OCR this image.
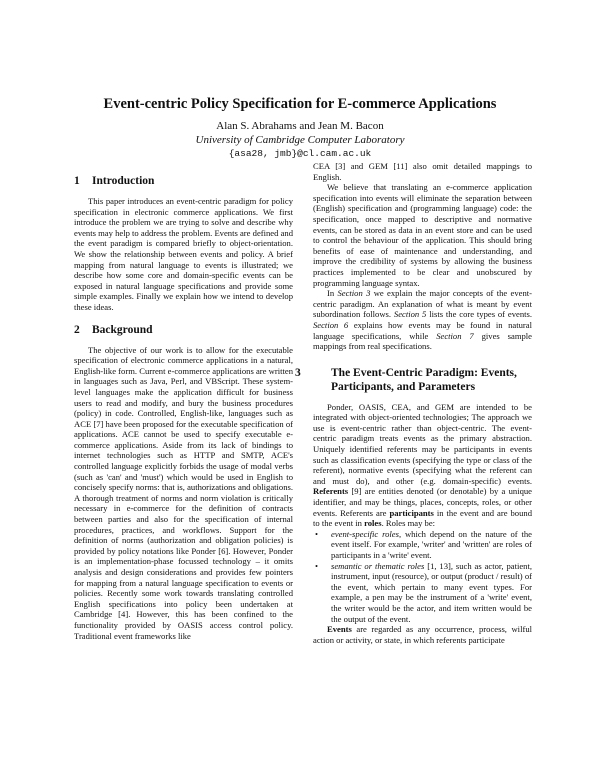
Event-centric Policy Specification for E-commerce Applications
Alan S. Abrahams and Jean M. Bacon
University of Cambridge Computer Laboratory
{asa28, jmb}@cl.cam.ac.uk
1 Introduction

This paper introduces an event-centric paradigm for policy specification in electronic commerce applications. We first introduce the problem we are trying to solve and describe why events may help to address the problem. Events are defined and the event paradigm is compared briefly to object-orientation. We show the relationship between events and policy. A brief mapping from natural language to events is illustrated; we describe how some core and domain-specific events can be exposed in natural language specifications and provide some simple examples. Finally we explain how we intend to develop these ideas.

2 Background

The objective of our work is to allow for the executable specification of electronic commerce applications in a natural, English-like form. Current e-commerce applications are written in languages such as Java, Perl, and VBScript. These system-level languages make the application difficult for business users to read and modify, and bury the business procedures (policy) in code. Controlled, English-like, languages such as ACE [7] have been proposed for the executable specification of applications. ACE cannot be used to specify executable e-commerce applications. Aside from its lack of bindings to internet technologies such as HTTP and SMTP, ACE's controlled language explicitly forbids the usage of modal verbs (such as 'can' and 'must') which would be used in English to concisely specify norms: that is, authorizations and obligations. A thorough treatment of norms and norm violation is critically necessary in e-commerce for the definition of contracts between parties and also for the specification of internal procedures, practices, and workflows. Support for the definition of norms (authorization and obligation policies) is provided by policy notations like Ponder [6]. However, Ponder is an implementation-phase focussed technology – it omits analysis and design considerations and provides few pointers for mapping from a natural language specification to events or policies. Recently some work towards translating controlled English specifications into policy been undertaken at Cambridge [4]. However, this has been confined to the functionality provided by OASIS access control policy. Traditional event frameworks like

CEA [3] and GEM [11] also omit detailed mappings to English.

We believe that translating an e-commerce application specification into events will eliminate the separation between (English) specification and (programming language) code: the specification, once mapped to descriptive and normative events, can be stored as data in an event store and can be used to control the behaviour of the application. This should bring benefits of ease of maintenance and understanding, and improve the credibility of systems by allowing the business practices implemented to be clear and unobscured by programming language syntax.

In Section 3 we explain the major concepts of the event-centric paradigm. An explanation of what is meant by event subordination follows. Section 5 lists the core types of events. Section 6 explains how events may be found in natural language specifications, while Section 7 gives sample mappings from real specifications.

3	The Event-Centric Paradigm: Events, Participants, and Parameters

Ponder, OASIS, CEA, and GEM are intended to be integrated with object-oriented technologies; The approach we use is event-centric rather than object-centric. The event-centric paradigm treats events as the primary abstraction. Uniquely identified referents may be participants in events such as classification events (specifying the type or class of the referent), normative events (specifying what the referent can and must do), and other (e.g. domain-specific) events. Referents [9] are entities denoted (or denotable) by a unique identifier, and may be things, places, concepts, roles, or other events. Referents are participants in the event and are bound to the event in roles. Roles may be:

• event-specific roles, which depend on the nature of the event itself. For example, 'writer' and 'written' are roles of participants in a 'write' event.
• semantic or thematic roles [1, 13], such as actor, patient, instrument, input (resource), or output (product / result) of the event, which pertain to many event types. For example, a pen may be the instrument of a 'write' event, the writer would be the actor, and item written would be the output of the event.

Events are regarded as any occurrence, process, wilful action or activity, or state, in which referents participate
